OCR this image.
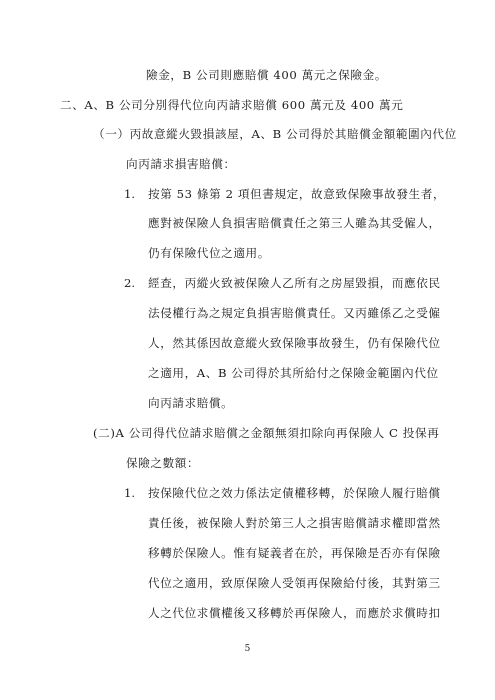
險金，B 公司則應賠償 400 萬元之保險金。
二、A、B 公司分別得代位向丙請求賠償 600 萬元及 400 萬元
（一）丙故意縱火毀損該屋，A、B 公司得於其賠償金額範圍內代位
向丙請求損害賠償：
1. 按第 53 條第 2 項但書規定，故意致保險事故發生者，
應對被保險人負損害賠償責任之第三人雖為其受僱人，
仍有保險代位之適用。
2. 經查，丙縱火致被保險人乙所有之房屋毀損，而應依民
法侵權行為之規定負損害賠償責任。又丙雖係乙之受僱
人，然其係因故意縱火致保險事故發生，仍有保險代位
之適用，A、B 公司得於其所給付之保險金範圍內代位
向丙請求賠償。
(二)A 公司得代位請求賠償之金額無須扣除向再保險人 C 投保再
保險之數額：
1. 按保險代位之效力係法定債權移轉，於保險人履行賠償
責任後，被保險人對於第三人之損害賠償請求權即當然
移轉於保險人。惟有疑義者在於，再保險是否亦有保險
代位之適用，致原保險人受領再保險給付後，其對第三
人之代位求償權後又移轉於再保險人，而應於求償時扣
5
